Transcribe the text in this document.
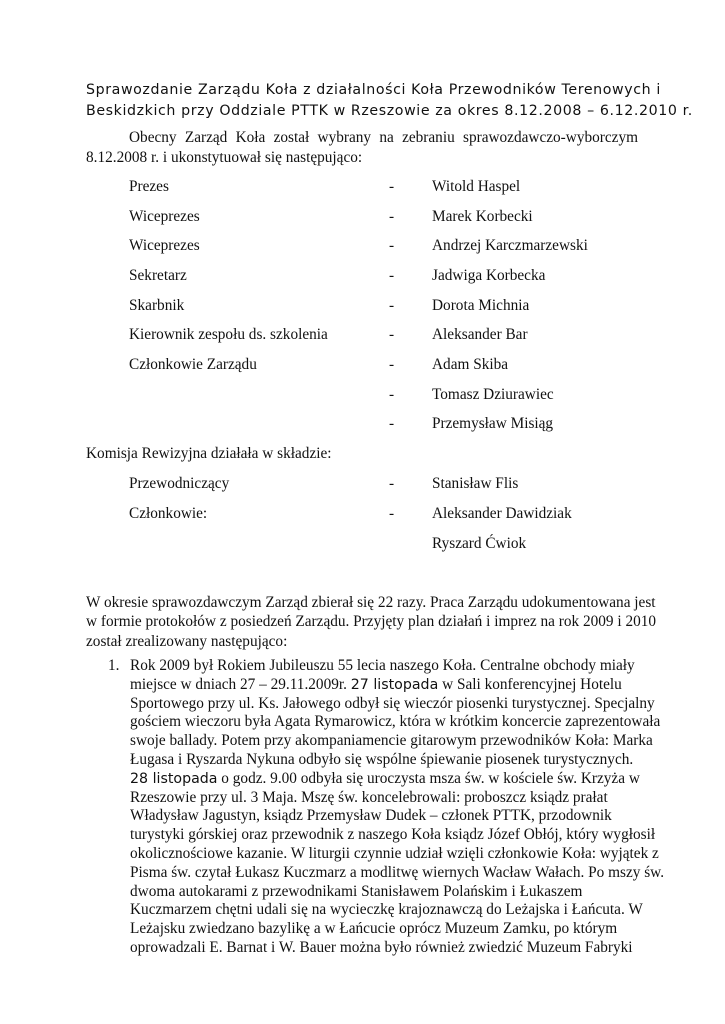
Sprawozdanie Zarządu Koła z działalności Koła Przewodników Terenowych i
Beskidzkich przy Oddziale PTTK w Rzeszowie za okres 8.12.2008 – 6.12.2010 r.
Obecny Zarząd Koła został wybrany na zebraniu sprawozdawczo-wyborczym
8.12.2008 r. i ukonstytuował się następująco:
Prezes	- Witold Haspel
Wiceprezes	- Marek Korbecki
Wiceprezes	- Andrzej Karczmarzewski
Sekretarz	- Jadwiga Korbecka
Skarbnik	- Dorota Michnia
Kierownik zespołu ds. szkolenia	- Aleksander Bar
Członkowie Zarządu	- Adam Skiba
- Tomasz Dziurawiec
- Przemysław Misiąg
Komisja Rewizyjna działała w składzie:
Przewodniczący	- Stanisław Flis
Członkowie:	- Aleksander Dawidziak
Ryszard Ćwiok
W okresie sprawozdawczym Zarząd zbierał się 22 razy. Praca Zarządu udokumentowana jest
w formie protokołów z posiedzeń Zarządu. Przyjęty plan działań i imprez na rok 2009 i 2010
został zrealizowany następująco:
1. Rok 2009 był Rokiem Jubileuszu 55 lecia naszego Koła. Centralne obchody miały
miejsce w dniach 27 – 29.11.2009r. 27 listopada w Sali konferencyjnej Hotelu
Sportowego przy ul. Ks. Jałowego odbył się wieczór piosenki turystycznej. Specjalny
gościem wieczoru była Agata Rymarowicz, która w krótkim koncercie zaprezentowała
swoje ballady. Potem przy akompaniamencie gitarowym przewodników Koła: Marka
Ługasa i Ryszarda Nykuna odbyło się wspólne śpiewanie piosenek turystycznych.
28 listopada o godz. 9.00 odbyła się uroczysta msza św. w kościele św. Krzyża w
Rzeszowie przy ul. 3 Maja. Mszę św. koncelebrowali: proboszcz ksiądz prałat
Władysław Jagustyn, ksiądz Przemysław Dudek – członek PTTK, przodownik
turystyki górskiej oraz przewodnik z naszego Koła ksiądz Józef Obłój, który wygłosił
okolicznościowe kazanie. W liturgii czynnie udział wzięli członkowie Koła: wyjątek z
Pisma św. czytał Łukasz Kuczmarz a modlitwę wiernych Wacław Wałach. Po mszy św.
dwoma autokarami z przewodnikami Stanisławem Polańskim i Łukaszem
Kuczmarzem chętni udali się na wycieczkę krajoznawczą do Leżajska i Łańcuta. W
Leżajsku zwiedzano bazylikę a w Łańcucie oprócz Muzeum Zamku, po którym
oprowadzali E. Barnat i W. Bauer można było również zwiedzić Muzeum Fabryki
